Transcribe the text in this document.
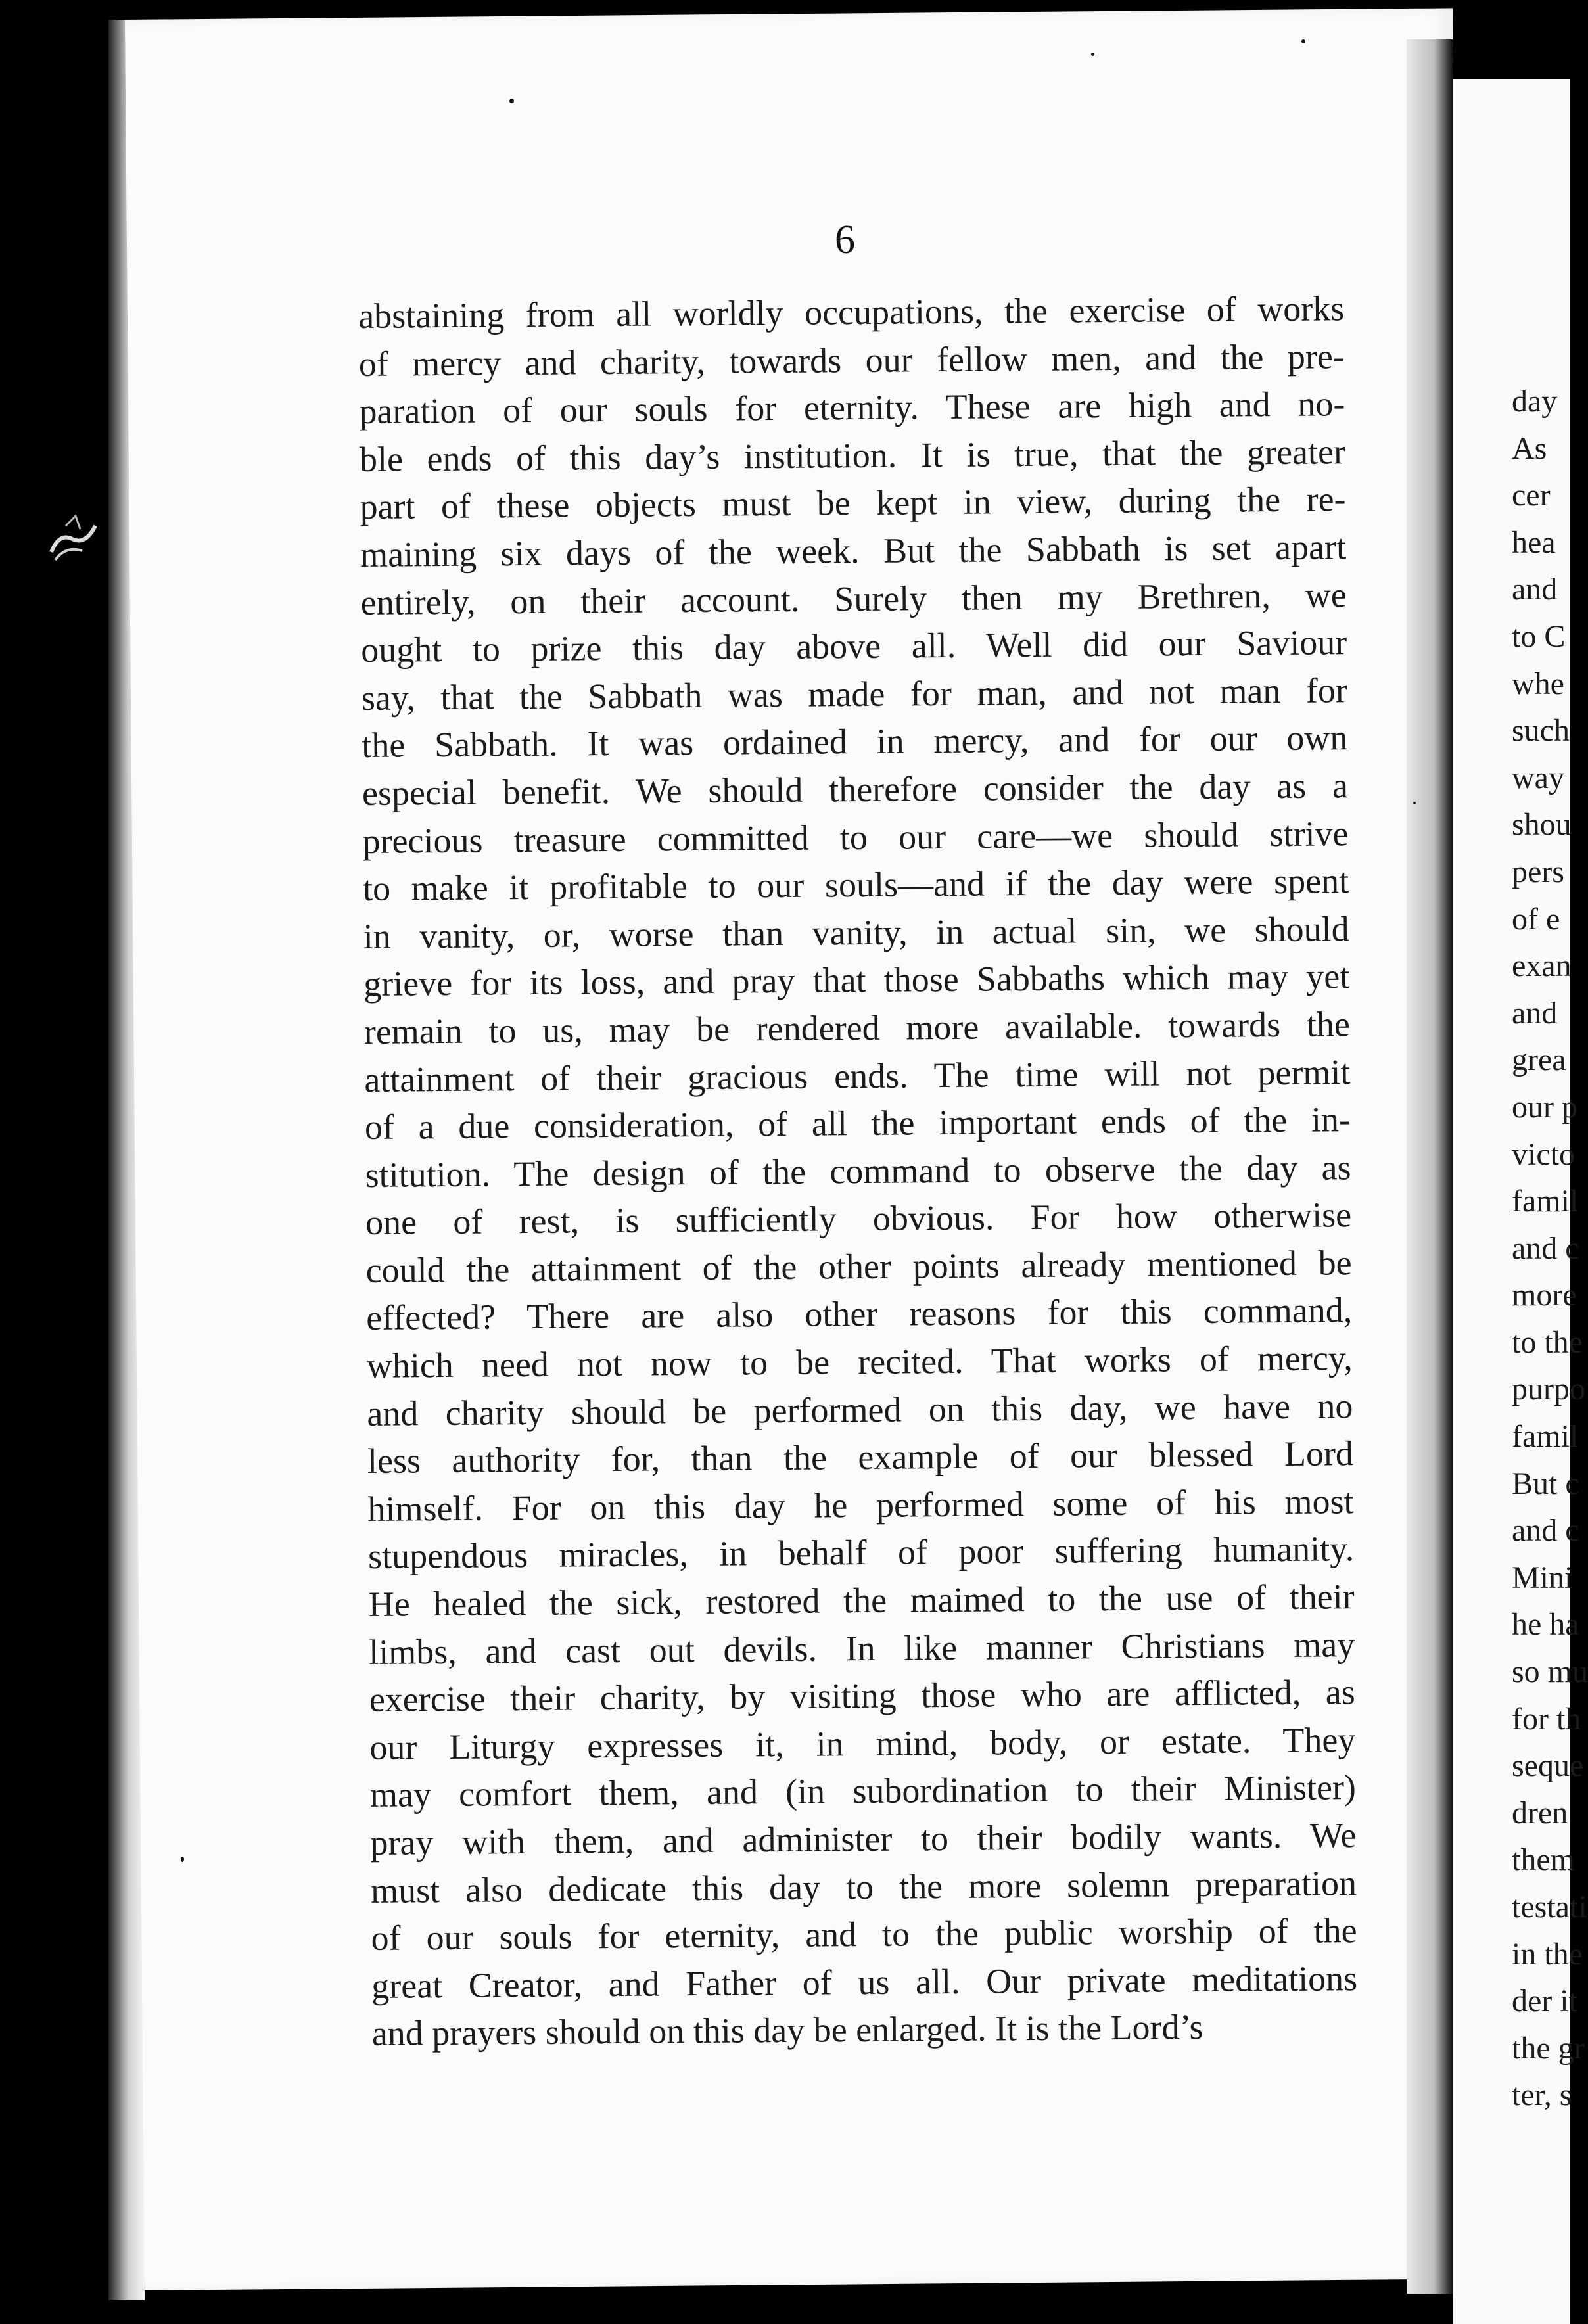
6
abstaining from all worldly occupations, the exercise of works
of mercy and charity, towards our fellow men, and the pre-
paration of our souls for eternity. These are high and no-
ble ends of this day’s institution. It is true, that the greater
part of these objects must be kept in view, during the re-
maining six days of the week. But the Sabbath is set apart
entirely, on their account. Surely then my Brethren, we
ought to prize this day above all. Well did our Saviour
say, that the Sabbath was made for man, and not man for
the Sabbath. It was ordained in mercy, and for our own
especial benefit. We should therefore consider the day as a
precious treasure committed to our care—we should strive
to make it profitable to our souls—and if the day were spent
in vanity, or, worse than vanity, in actual sin, we should
grieve for its loss, and pray that those Sabbaths which may yet
remain to us, may be rendered more available. towards the
attainment of their gracious ends. The time will not permit
of a due consideration, of all the important ends of the in-
stitution. The design of the command to observe the day as
one of rest, is sufficiently obvious. For how otherwise
could the attainment of the other points already mentioned be
effected? There are also other reasons for this command,
which need not now to be recited. That works of mercy,
and charity should be performed on this day, we have no
less authority for, than the example of our blessed Lord
himself. For on this day he performed some of his most
stupendous miracles, in behalf of poor suffering humanity.
He healed the sick, restored the maimed to the use of their
limbs, and cast out devils. In like manner Christians may
exercise their charity, by visiting those who are afflicted, as
our Liturgy expresses it, in mind, body, or estate. They
may comfort them, and (in subordination to their Minister)
pray with them, and administer to their bodily wants. We
must also dedicate this day to the more solemn preparation
of our souls for eternity, and to the public worship of the
great Creator, and Father of us all. Our private meditations
and prayers should on this day be enlarged. It is the Lord’s
day
As
cer
hea
and
to C
whe
such
way
shou
pers
of e
exan
and
grea
our p
victo
famil
and c
more
to the
purpo
famil
But c
and c
Mini
he ha
so mu
for th
seque
dren
them
testati
in the
der it
the gr
ter, s
